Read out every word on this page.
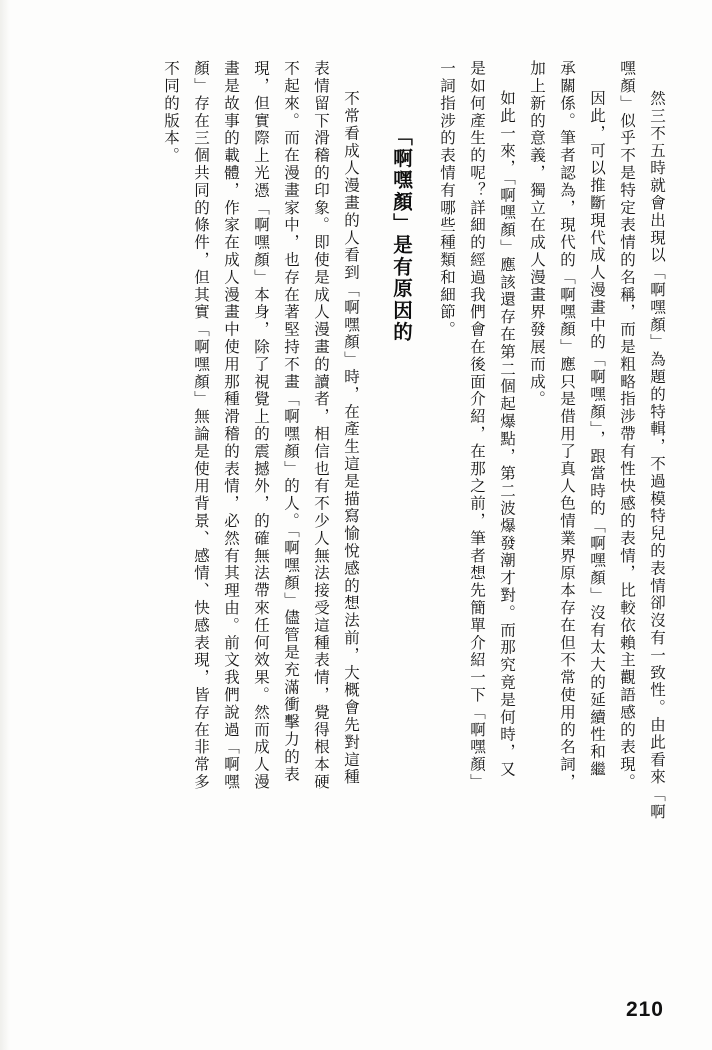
然三不五時就會出現以「啊嘿顏」為題的特輯，不過模特兒的表情卻沒有一致性。由此看來「啊
嘿顏」似乎不是特定表情的名稱，而是粗略指涉帶有性快感的表情，比較依賴主觀語感的表現。
因此，可以推斷現代成人漫畫中的「啊嘿顏」，跟當時的「啊嘿顏」沒有太大的延續性和繼
承關係。筆者認為，現代的「啊嘿顏」應只是借用了真人色情業界原本存在但不常使用的名詞，
加上新的意義，獨立在成人漫畫界發展而成。
如此一來，「啊嘿顏」應該還存在第二個起爆點，第二波爆發潮才對。而那究竟是何時，又
是如何產生的呢？詳細的經過我們會在後面介紹，在那之前，筆者想先簡單介紹一下「啊嘿顏」
一詞指涉的表情有哪些種類和細節。
「啊嘿顏」是有原因的
不常看成人漫畫的人看到「啊嘿顏」時，在產生這是描寫愉悅感的想法前，大概會先對這種
表情留下滑稽的印象。即使是成人漫畫的讀者，相信也有不少人無法接受這種表情，覺得根本硬
不起來。而在漫畫家中，也存在著堅持不畫「啊嘿顏」的人。「啊嘿顏」儘管是充滿衝擊力的表
現，但實際上光憑「啊嘿顏」本身，除了視覺上的震撼外，的確無法帶來任何效果。然而成人漫
畫是故事的載體，作家在成人漫畫中使用那種滑稽的表情，必然有其理由。前文我們說過「啊嘿
顏」存在三個共同的條件，但其實「啊嘿顏」無論是使用背景、感情、快感表現，皆存在非常多
不同的版本。
210
